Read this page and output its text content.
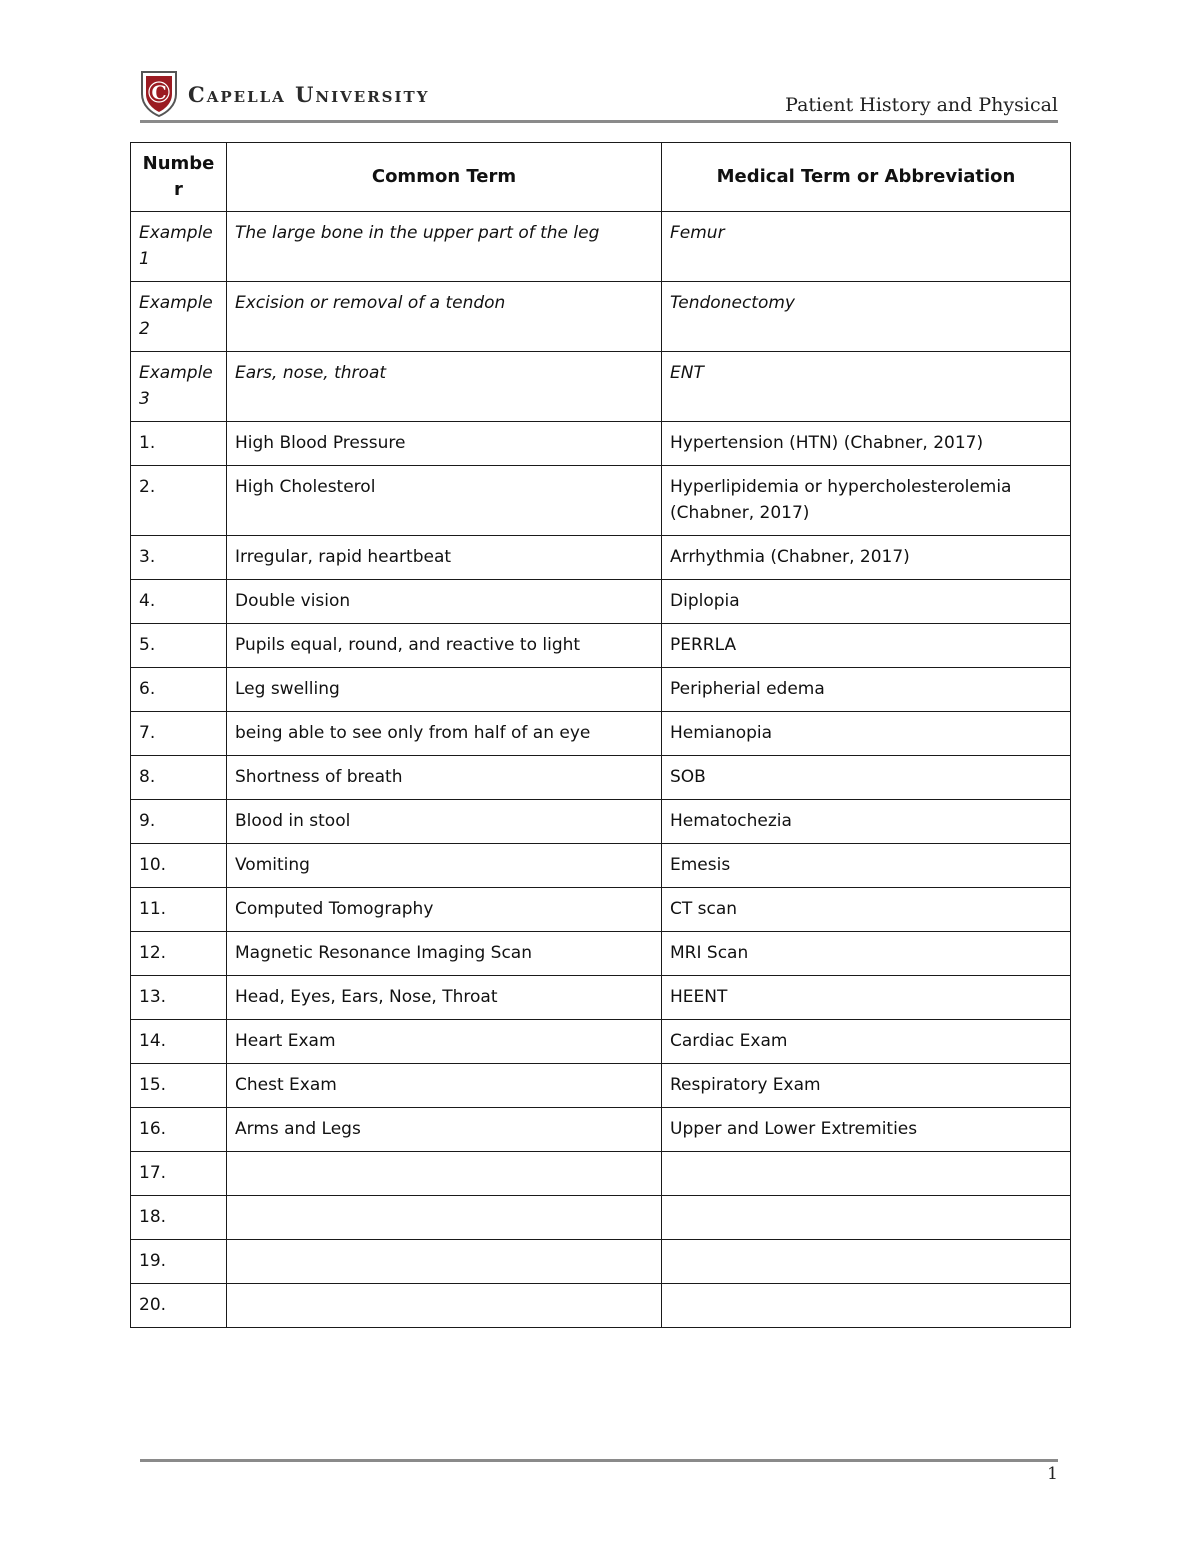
C Capella University	Patient History and Physical
Number	Common Term	Medical Term or Abbreviation
Example 1	The large bone in the upper part of the leg	Femur
Example 2	Excision or removal of a tendon	Tendonectomy
Example 3	Ears, nose, throat	ENT
1.	High Blood Pressure	Hypertension (HTN) (Chabner, 2017)
2.	High Cholesterol	Hyperlipidemia or hypercholesterolemia (Chabner, 2017)
3.	Irregular, rapid heartbeat	Arrhythmia (Chabner, 2017)
4.	Double vision	Diplopia
5.	Pupils equal, round, and reactive to light	PERRLA
6.	Leg swelling	Peripherial edema
7.	being able to see only from half of an eye	Hemianopia
8.	Shortness of breath	SOB
9.	Blood in stool	Hematochezia
10.	Vomiting	Emesis
11.	Computed Tomography	CT scan
12.	Magnetic Resonance Imaging Scan	MRI Scan
13.	Head, Eyes, Ears, Nose, Throat	HEENT
14.	Heart Exam	Cardiac Exam
15.	Chest Exam	Respiratory Exam
16.	Arms and Legs	Upper and Lower Extremities
17.		
18.		
19.		
20.		
1
